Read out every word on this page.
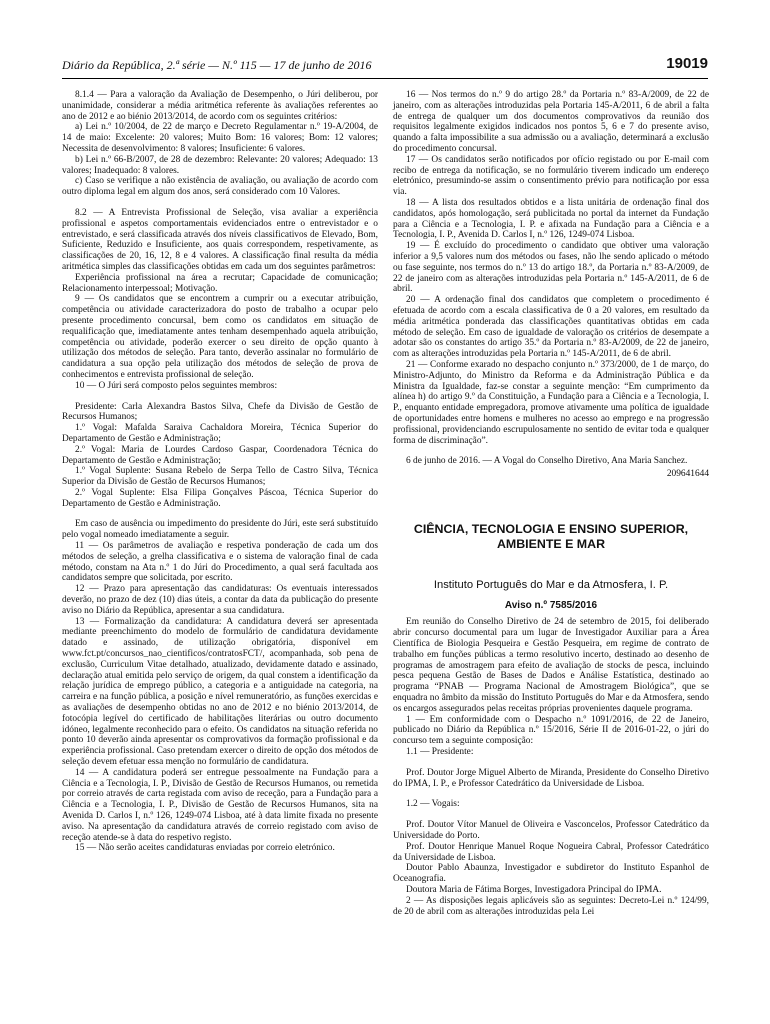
Diário da República, 2.ª série — N.º 115 — 17 de junho de 2016	19019

8.1.4 — Para a valoração da Avaliação de Desempenho, o Júri deliberou, por unanimidade, considerar a média aritmética referente às avaliações referentes ao ano de 2012 e ao biénio 2013/2014, de acordo com os seguintes critérios:

a) Lei n.º 10/2004, de 22 de março e Decreto Regulamentar n.º 19-A/2004, de 14 de maio: Excelente: 20 valores; Muito Bom: 16 valores; Bom: 12 valores; Necessita de desenvolvimento: 8 valores; Insuficiente: 6 valores.

b) Lei n.º 66-B/2007, de 28 de dezembro: Relevante: 20 valores; Adequado: 13 valores; Inadequado: 8 valores.

c) Caso se verifique a não existência de avaliação, ou avaliação de acordo com outro diploma legal em algum dos anos, será considerado com 10 Valores.

8.2 — A Entrevista Profissional de Seleção, visa avaliar a experiência profissional e aspetos comportamentais evidenciados entre o entrevistador e o entrevistado, e será classificada através dos níveis classificativos de Elevado, Bom, Suficiente, Reduzido e Insuficiente, aos quais correspondem, respetivamente, as classificações de 20, 16, 12, 8 e 4 valores. A classificação final resulta da média aritmética simples das classificações obtidas em cada um dos seguintes parâmetros:

Experiência profissional na área a recrutar; Capacidade de comunicação; Relacionamento interpessoal; Motivação.

9 — Os candidatos que se encontrem a cumprir ou a executar atribuição, competência ou atividade caracterizadora do posto de trabalho a ocupar pelo presente procedimento concursal, bem como os candidatos em situação de requalificação que, imediatamente antes tenham desempenhado aquela atribuição, competência ou atividade, poderão exercer o seu direito de opção quanto à utilização dos métodos de seleção. Para tanto, deverão assinalar no formulário de candidatura a sua opção pela utilização dos métodos de seleção de prova de conhecimentos e entrevista profissional de seleção.

10 — O Júri será composto pelos seguintes membros:

Presidente: Carla Alexandra Bastos Silva, Chefe da Divisão de Gestão de Recursos Humanos;

1.º Vogal: Mafalda Saraiva Cachaldora Moreira, Técnica Superior do Departamento de Gestão e Administração;

2.º Vogal: Maria de Lourdes Cardoso Gaspar, Coordenadora Técnica do Departamento de Gestão e Administração;

1.º Vogal Suplente: Susana Rebelo de Serpa Tello de Castro Silva, Técnica Superior da Divisão de Gestão de Recursos Humanos;

2.º Vogal Suplente: Elsa Filipa Gonçalves Páscoa, Técnica Superior do Departamento de Gestão e Administração.

Em caso de ausência ou impedimento do presidente do Júri, este será substituído pelo vogal nomeado imediatamente a seguir.

11 — Os parâmetros de avaliação e respetiva ponderação de cada um dos métodos de seleção, a grelha classificativa e o sistema de valoração final de cada método, constam na Ata n.º 1 do Júri do Procedimento, a qual será facultada aos candidatos sempre que solicitada, por escrito.

12 — Prazo para apresentação das candidaturas: Os eventuais interessados deverão, no prazo de dez (10) dias úteis, a contar da data da publicação do presente aviso no Diário da República, apresentar a sua candidatura.

13 — Formalização da candidatura: A candidatura deverá ser apresentada mediante preenchimento do modelo de formulário de candidatura devidamente datado e assinado, de utilização obrigatória, disponível em www.fct.pt/concursos_nao_cientificos/contratosFCT/, acompanhada, sob pena de exclusão, Curriculum Vitae detalhado, atualizado, devidamente datado e assinado, declaração atual emitida pelo serviço de origem, da qual constem a identificação da relação jurídica de emprego público, a categoria e a antiguidade na categoria, na carreira e na função pública, a posição e nível remuneratório, as funções exercidas e as avaliações de desempenho obtidas no ano de 2012 e no biénio 2013/2014, de fotocópia legível do certificado de habilitações literárias ou outro documento idóneo, legalmente reconhecido para o efeito. Os candidatos na situação referida no ponto 10 deverão ainda apresentar os comprovativos da formação profissional e da experiência profissional. Caso pretendam exercer o direito de opção dos métodos de seleção devem efetuar essa menção no formulário de candidatura.

14 — A candidatura poderá ser entregue pessoalmente na Fundação para a Ciência e a Tecnologia, I. P., Divisão de Gestão de Recursos Humanos, ou remetida por correio através de carta registada com aviso de receção, para a Fundação para a Ciência e a Tecnologia, I. P., Divisão de Gestão de Recursos Humanos, sita na Avenida D. Carlos I, n.º 126, 1249-074 Lisboa, até à data limite fixada no presente aviso. Na apresentação da candidatura através de correio registado com aviso de receção atende-se à data do respetivo registo.

15 — Não serão aceites candidaturas enviadas por correio eletrónico.

16 — Nos termos do n.º 9 do artigo 28.º da Portaria n.º 83-A/2009, de 22 de janeiro, com as alterações introduzidas pela Portaria 145-A/2011, 6 de abril a falta de entrega de qualquer um dos documentos comprovativos da reunião dos requisitos legalmente exigidos indicados nos pontos 5, 6 e 7 do presente aviso, quando a falta impossibilite a sua admissão ou a avaliação, determinará a exclusão do procedimento concursal.

17 — Os candidatos serão notificados por ofício registado ou por E-mail com recibo de entrega da notificação, se no formulário tiverem indicado um endereço eletrónico, presumindo-se assim o consentimento prévio para notificação por essa via.

18 — A lista dos resultados obtidos e a lista unitária de ordenação final dos candidatos, após homologação, será publicitada no portal da internet da Fundação para a Ciência e a Tecnologia, I. P. e afixada na Fundação para a Ciência e a Tecnologia, I. P., Avenida D. Carlos I, n.º 126, 1249-074 Lisboa.

19 — É excluído do procedimento o candidato que obtiver uma valoração inferior a 9,5 valores num dos métodos ou fases, não lhe sendo aplicado o método ou fase seguinte, nos termos do n.º 13 do artigo 18.º, da Portaria n.º 83-A/2009, de 22 de janeiro com as alterações introduzidas pela Portaria n.º 145-A/2011, de 6 de abril.

20 — A ordenação final dos candidatos que completem o procedimento é efetuada de acordo com a escala classificativa de 0 a 20 valores, em resultado da média aritmética ponderada das classificações quantitativas obtidas em cada método de seleção. Em caso de igualdade de valoração os critérios de desempate a adotar são os constantes do artigo 35.º da Portaria n.º 83-A/2009, de 22 de janeiro, com as alterações introduzidas pela Portaria n.º 145-A/2011, de 6 de abril.

21 — Conforme exarado no despacho conjunto n.º 373/2000, de 1 de março, do Ministro-Adjunto, do Ministro da Reforma e da Administração Pública e da Ministra da Igualdade, faz-se constar a seguinte menção: “Em cumprimento da alínea h) do artigo 9.º da Constituição, a Fundação para a Ciência e a Tecnologia, I. P., enquanto entidade empregadora, promove ativamente uma política de igualdade de oportunidades entre homens e mulheres no acesso ao emprego e na progressão profissional, providenciando escrupulosamente no sentido de evitar toda e qualquer forma de discriminação”.

6 de junho de 2016. — A Vogal do Conselho Diretivo, Ana Maria Sanchez.

209641644

CIÊNCIA, TECNOLOGIA E ENSINO SUPERIOR,
AMBIENTE E MAR
Instituto Português do Mar e da Atmosfera, I. P.
Aviso n.º 7585/2016

Em reunião do Conselho Diretivo de 24 de setembro de 2015, foi deliberado abrir concurso documental para um lugar de Investigador Auxiliar para a Área Científica de Biologia Pesqueira e Gestão Pesqueira, em regime de contrato de trabalho em funções públicas a termo resolutivo incerto, destinado ao desenho de programas de amostragem para efeito de avaliação de stocks de pesca, incluindo pesca pequena Gestão de Bases de Dados e Análise Estatística, destinado ao programa “PNAB — Programa Nacional de Amostragem Biológica”, que se enquadra no âmbito da missão do Instituto Português do Mar e da Atmosfera, sendo os encargos assegurados pelas receitas próprias provenientes daquele programa.

1 — Em conformidade com o Despacho n.º 1091/2016, de 22 de Janeiro, publicado no Diário da República n.º 15/2016, Série II de 2016-01-22, o júri do concurso tem a seguinte composição:

1.1 — Presidente:

Prof. Doutor Jorge Miguel Alberto de Miranda, Presidente do Conselho Diretivo do IPMA, I. P., e Professor Catedrático da Universidade de Lisboa.

1.2 — Vogais:

Prof. Doutor Vítor Manuel de Oliveira e Vasconcelos, Professor Catedrático da Universidade do Porto.

Prof. Doutor Henrique Manuel Roque Nogueira Cabral, Professor Catedrático da Universidade de Lisboa.

Doutor Pablo Abaunza, Investigador e subdiretor do Instituto Espanhol de Oceanografia.

Doutora Maria de Fátima Borges, Investigadora Principal do IPMA.

2 — As disposições legais aplicáveis são as seguintes: Decreto-Lei n.º 124/99, de 20 de abril com as alterações introduzidas pela Lei
